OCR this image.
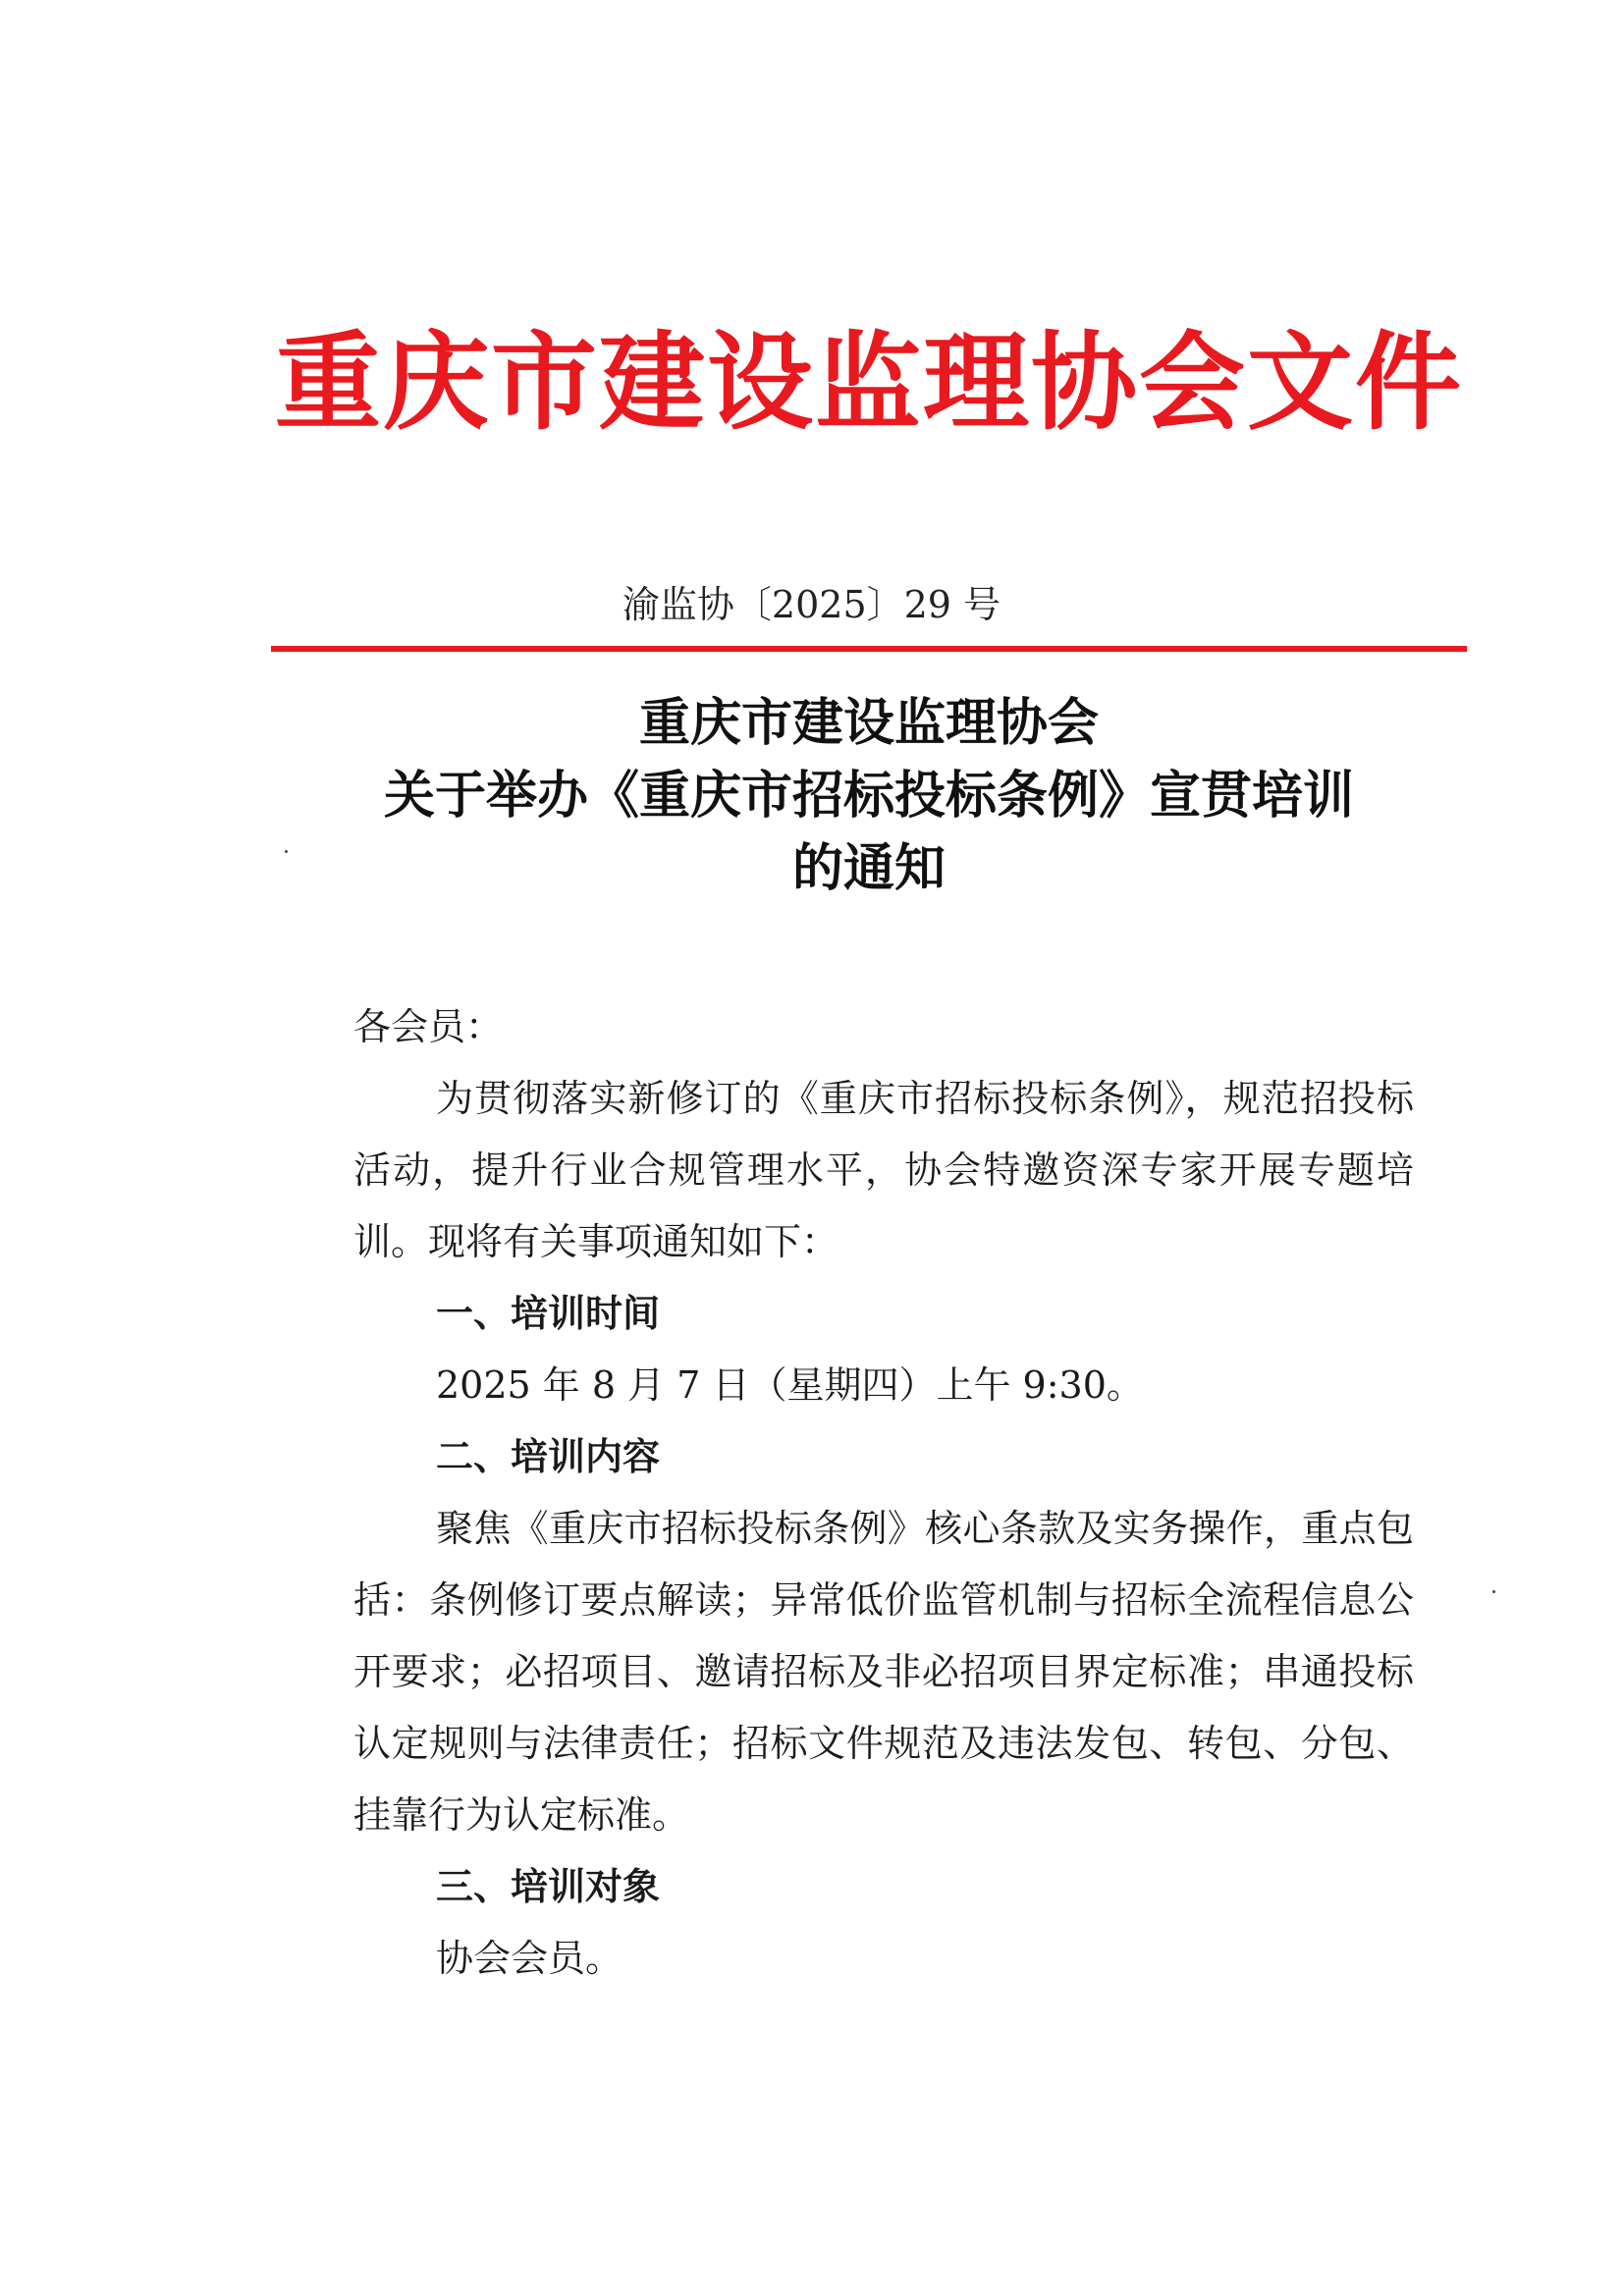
重庆市建设监理协会文件
渝监协〔2025〕29 号
重庆市建设监理协会
关于举办《重庆市招标投标条例》宣贯培训
的通知

各会员：

为贯彻落实新修订的《重庆市招标投标条例》，规范招投标活动，提升行业合规管理水平，协会特邀资深专家开展专题培训。现将有关事项通知如下：

一、培训时间

2025 年 8 月 7 日（星期四）上午 9:30。

二、培训内容

聚焦《重庆市招标投标条例》核心条款及实务操作，重点包括：条例修订要点解读；异常低价监管机制与招标全流程信息公开要求；必招项目、邀请招标及非必招项目界定标准；串通投标认定规则与法律责任；招标文件规范及违法发包、转包、分包、挂靠行为认定标准。

三、培训对象

协会会员。
